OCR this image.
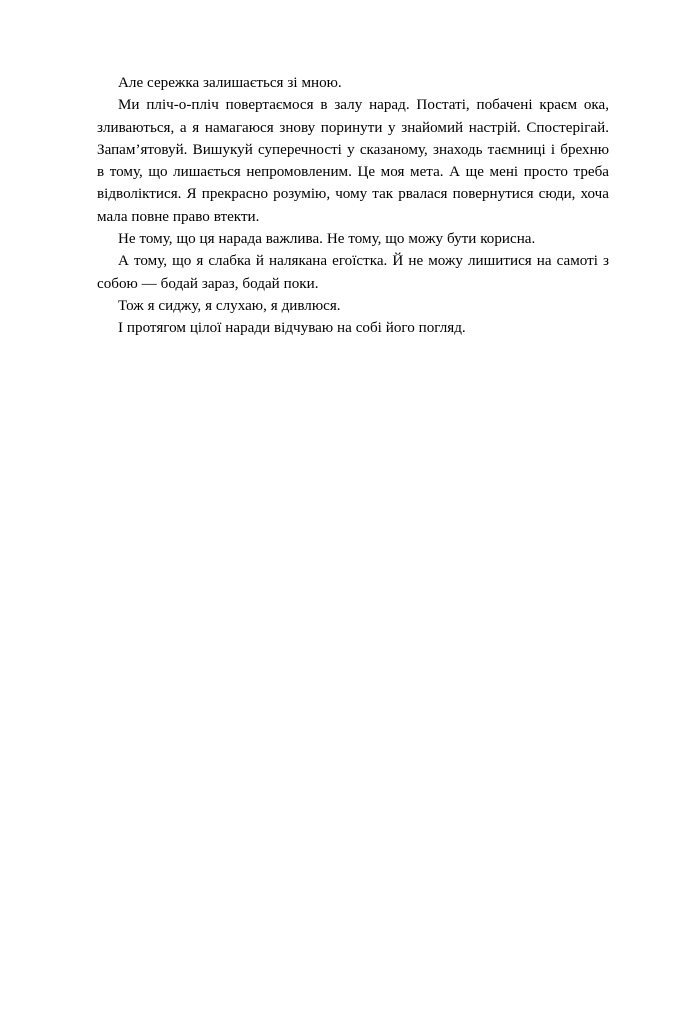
Але сережка залишається зі мною.

Ми пліч-о-пліч повертаємося в залу нарад. Постаті, побачені краєм ока, зливаються, а я намагаюся знову поринути у знайомий настрій. Спостерігай. Запам’ятовуй. Вишукуй суперечності у сказаному, знаходь таємниці і брехню в тому, що лишається непромовленим. Це моя мета. А ще мені просто треба відволіктися. Я прекрасно розумію, чому так рвалася повернутися сюди, хоча мала повне право втекти.

Не тому, що ця нарада важлива. Не тому, що можу бути корисна.

А тому, що я слабка й налякана егоїстка. Й не можу лишитися на самоті з собою — бодай зараз, бодай поки.

Тож я сиджу, я слухаю, я дивлюся.

І протягом цілої наради відчуваю на собі його погляд.
